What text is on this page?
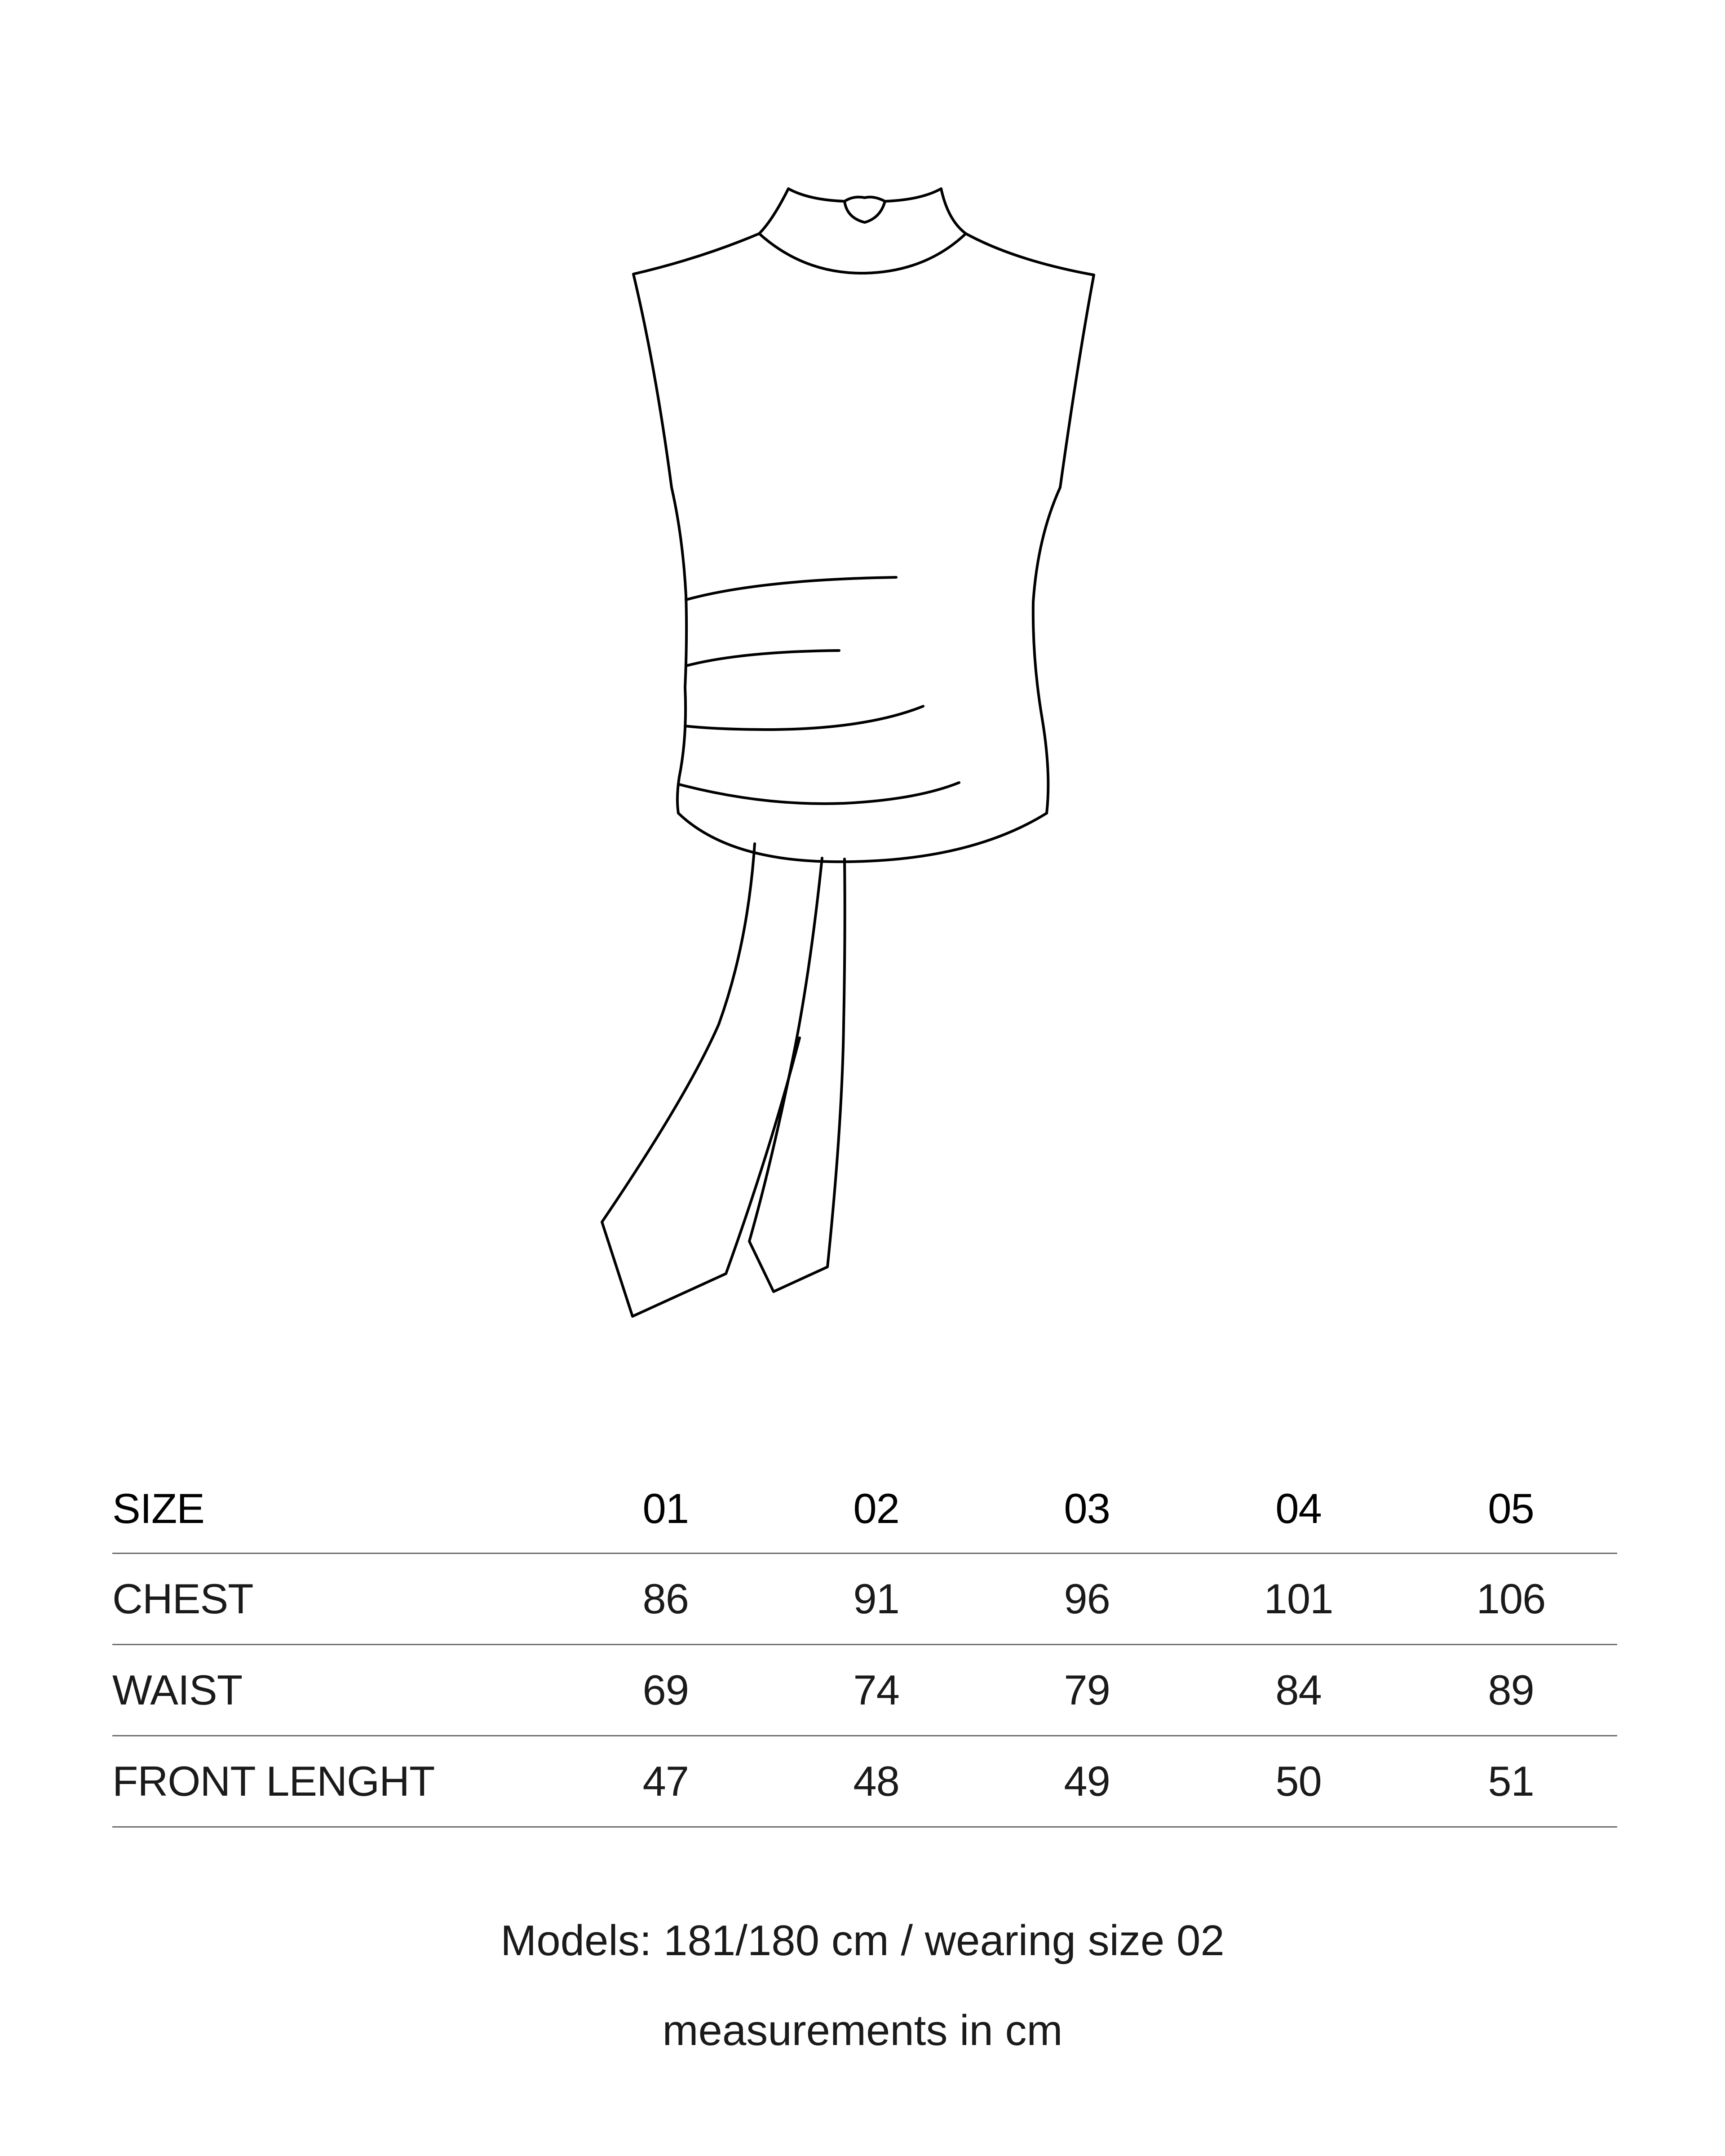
SIZE	01	02	03	04	05
CHEST	86	91	96	101	106
WAIST	69	74	79	84	89
FRONT LENGHT	47	48	49	50	51
Models: 181/180 cm / wearing size 02
measurements in cm
